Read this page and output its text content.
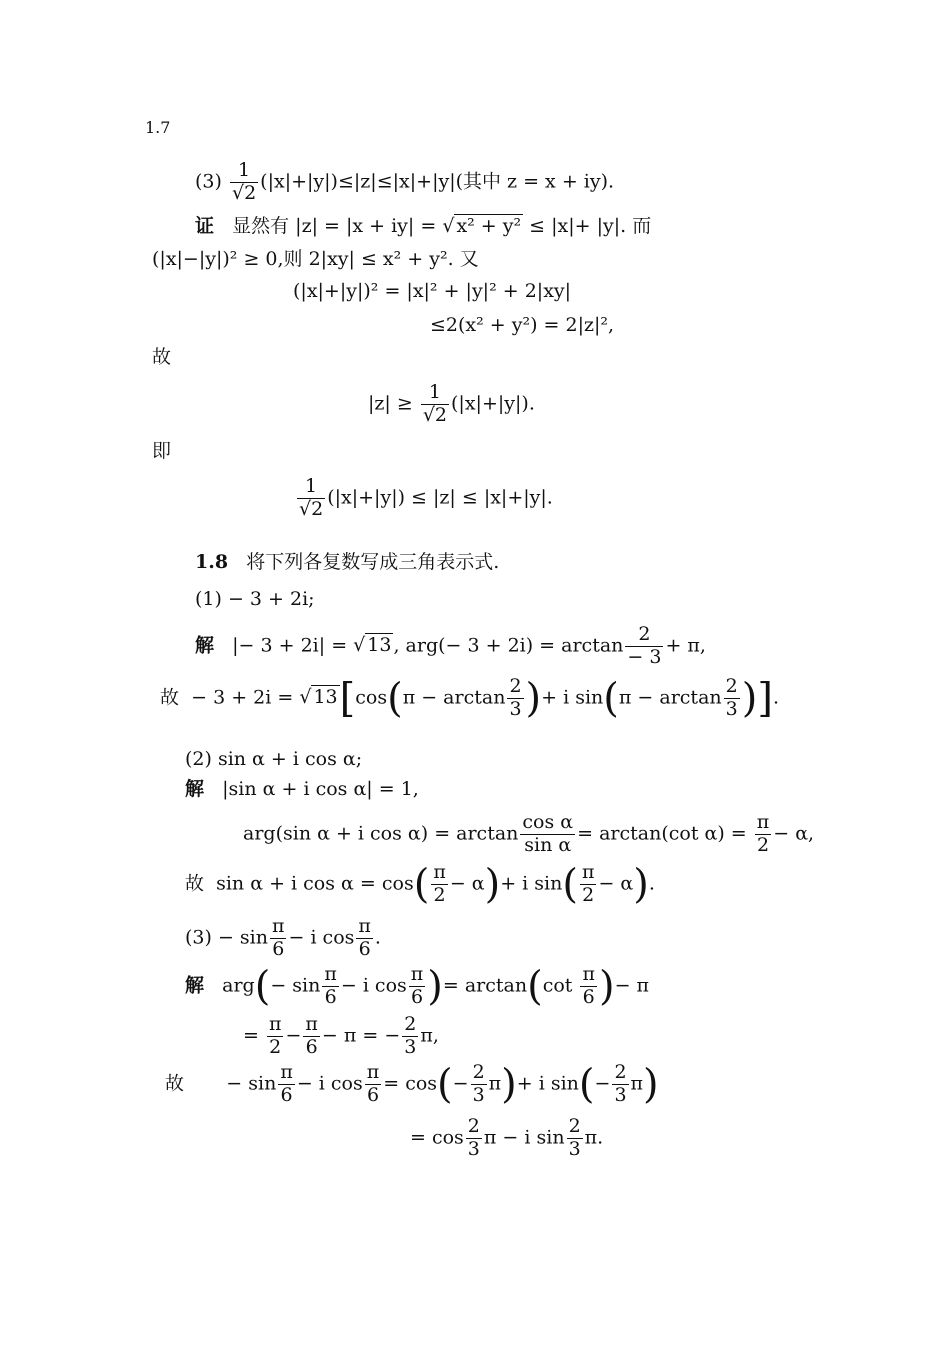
1.7
$(3) \frac{1}{√2} (|x|+|y|)\le|z|\le|x|+|y|$(其中 z = x + iy).
证 显然有 |z| = |x + iy| = √ x² + y² ≤ |x|+ |y|. 而
(|x|−|y|)² ≥ 0,则 2|xy| ≤ x² + y². 又
(|x|+|y|)² = |x|² + |y|² + 2|xy|
≤2(x² + y²) = 2|z|²,
故
$|z| \ge \frac{1}{√2} (|x|+|y|)$.
即
$\frac{1}{√2} (|x|+|y|) \le |z| \le |x|+|y|$.
1.8 将下列各复数写成三角表示式.
(1) − 3 + 2i;
解 |− 3 + 2i| = √ 13 , $arg(- 3 + 2i) = \arctan \frac{2}{- 3} + \pi$,
故 − 3 + 2i = √ $13[\cos(\pi - \arctan \frac{2}{3}$ )+ i $\sin(\pi - \arctan \frac{2}{3}$ )].
(2) sin α + i cos α;
解 |sin α + i cos α| = 1,
arg(sin α + i $\cos \alpha) = \arctan \frac{\text{cos α}}{\text{sin α}} = \arctan(\cot$ $\alpha) = \frac{\pi}{2} - \alpha$,
故 sin α + i $\cos \alpha = \cos( \frac{\pi}{2} - \alpha)+ i$ $\sin( \frac{\pi}{2} - \alpha)$.
$(3) - \sin \frac{\pi}{6} - i$ $\cos \frac{\pi}{6}$ .
解 $arg(- \sin \frac{\pi}{6} - i$ $\cos \frac{\pi}{6}$ )= $\arctan(\cot \frac{\pi}{6}$ )− π
= $\frac{\pi}{2} - \frac{\pi}{6} - \pi$ = − $\frac{2}{3} \pi$,
故 − $\sin \frac{\pi}{6} - i$ $\cos \frac{\pi}{6} = \cos(- \frac{2}{3} \pi)+ i$ $\sin(- \frac{2}{3} \pi)$
= $\cos \frac{2}{3}$ π − i $\sin \frac{2}{3} \pi$.
